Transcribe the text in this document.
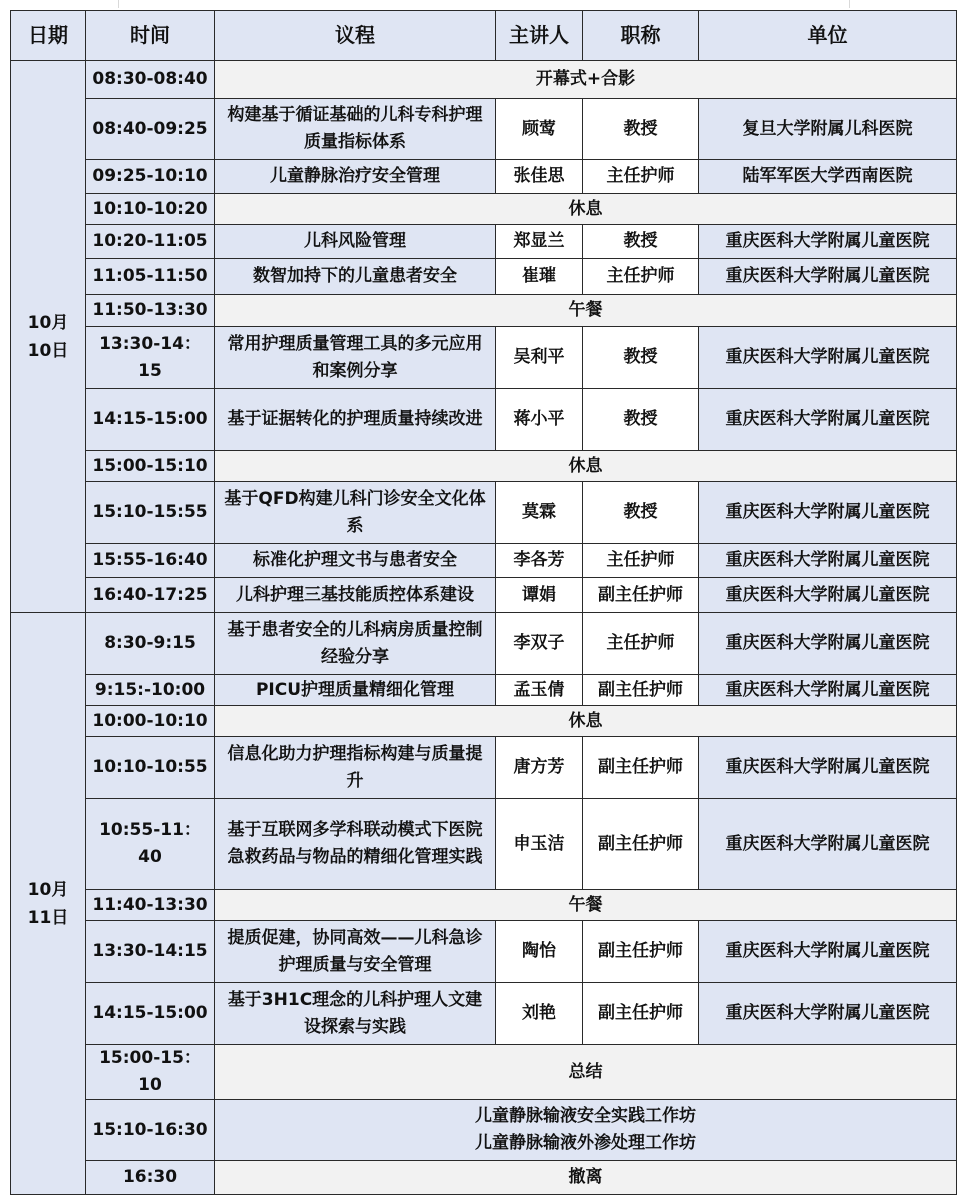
日期	时间	议程	主讲人	职称	单位

10月
10日	08:30-08:40	开幕式+合影			
	08:40-09:25	构建基于循证基础的儿科专科护理质量指标体系	顾莺	教授	复旦大学附属儿科医院
	09:25-10:10	儿童静脉治疗安全管理	张佳思	主任护师	陆军军医大学西南医院
	10:10-10:20	休息			
	10:20-11:05	儿科风险管理	郑显兰	教授	重庆医科大学附属儿童医院
	11:05-11:50	数智加持下的儿童患者安全	崔璀	主任护师	重庆医科大学附属儿童医院
	11:50-13:30	午餐			
	13:30-14：15	常用护理质量管理工具的多元应用和案例分享	吴利平	教授	重庆医科大学附属儿童医院
	14:15-15:00	基于证据转化的护理质量持续改进	蒋小平	教授	重庆医科大学附属儿童医院
	15:00-15:10	休息			
	15:10-15:55	基于QFD构建儿科门诊安全文化体系	莫霖	教授	重庆医科大学附属儿童医院
	15:55-16:40	标准化护理文书与患者安全	李各芳	主任护师	重庆医科大学附属儿童医院
	16:40-17:25	儿科护理三基技能质控体系建设	谭娟	副主任护师	重庆医科大学附属儿童医院

10月
11日	8:30-9:15	基于患者安全的儿科病房质量控制经验分享	李双子	主任护师	重庆医科大学附属儿童医院
	9:15:-10:00	PICU护理质量精细化管理	孟玉倩	副主任护师	重庆医科大学附属儿童医院
	10:00-10:10	休息			
	10:10-10:55	信息化助力护理指标构建与质量提升	唐方芳	副主任护师	重庆医科大学附属儿童医院
	10:55-11：40	基于互联网多学科联动模式下医院急救药品与物品的精细化管理实践	申玉洁	副主任护师	重庆医科大学附属儿童医院
	11:40-13:30	午餐			
	13:30-14:15	提质促建，协同高效——儿科急诊护理质量与安全管理	陶怡	副主任护师	重庆医科大学附属儿童医院
	14:15-15:00	基于3H1C理念的儿科护理人文建设探索与实践	刘艳	副主任护师	重庆医科大学附属儿童医院
	15:00-15：10	总结			
	15:10-16:30	儿童静脉输液安全实践工作坊
儿童静脉输液外渗处理工作坊			

	16:30	撤离			
